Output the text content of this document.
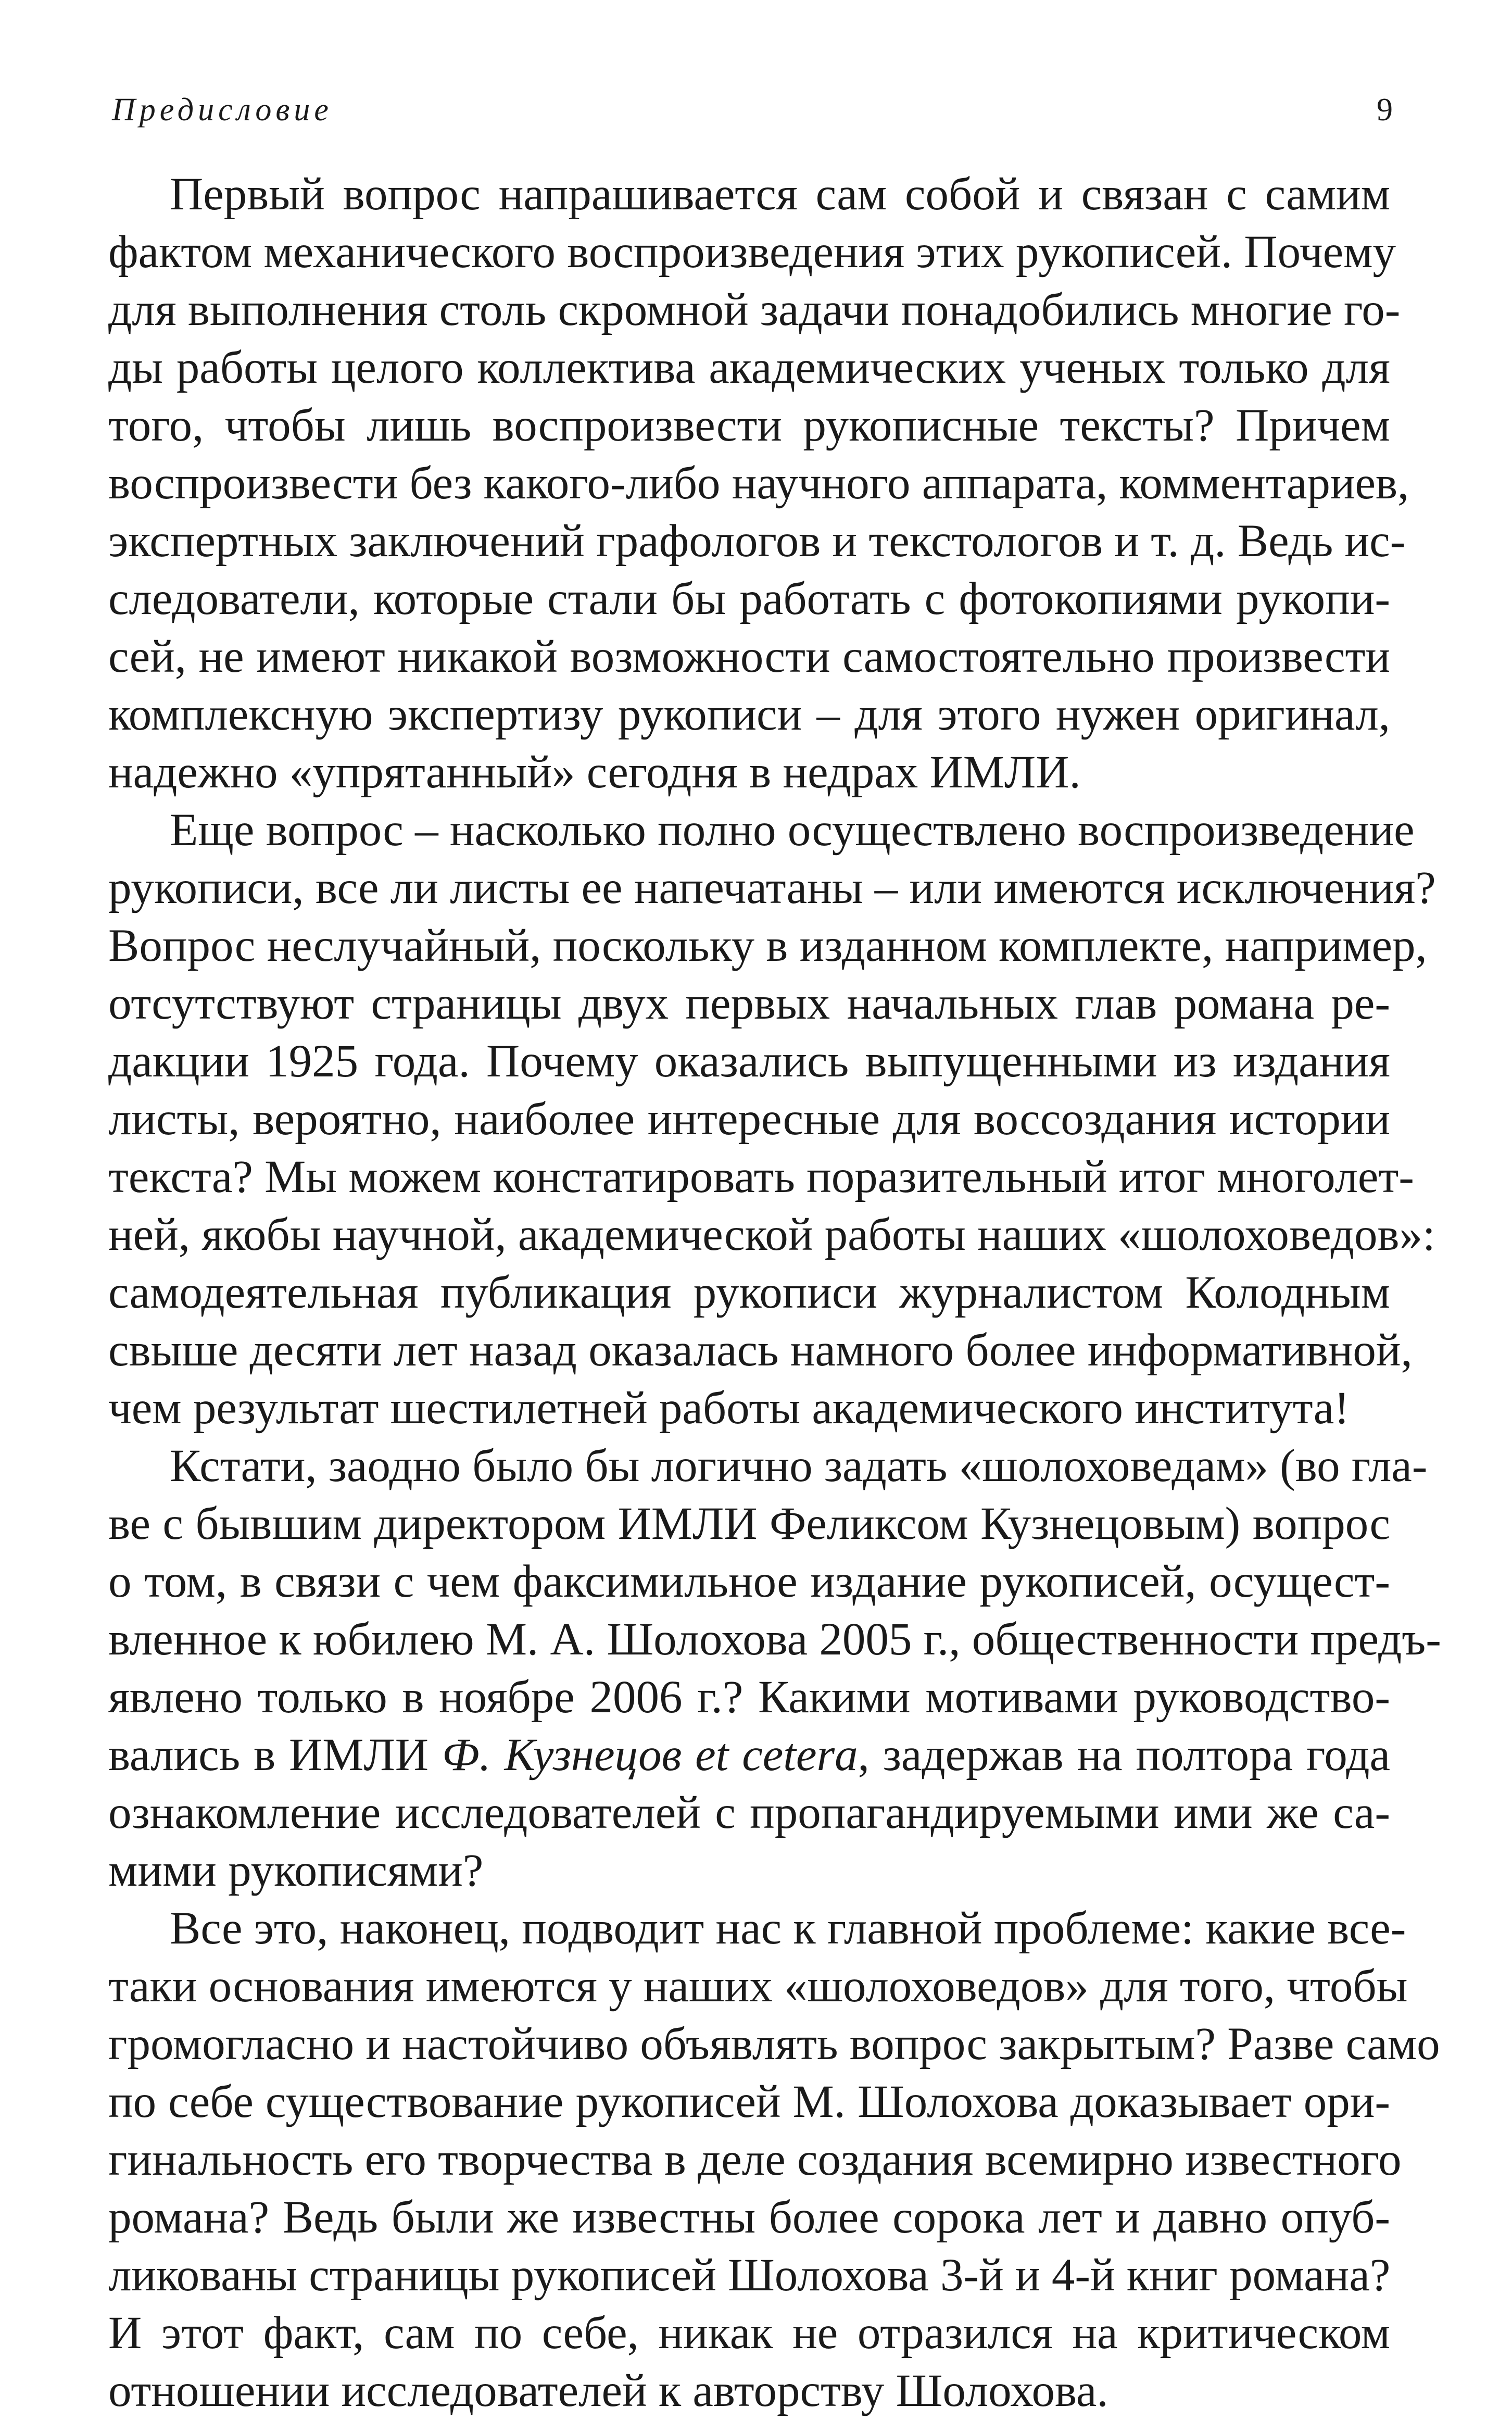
Предисловие	9
Первый вопрос напрашивается сам собой и связан с самим
фактом механического воспроизведения этих рукописей. Почему
для выполнения столь скромной задачи понадобились многие го-
ды работы целого коллектива академических ученых только для
того, чтобы лишь воспроизвести рукописные тексты? Причем
воспроизвести без какого-либо научного аппарата, комментариев,
экспертных заключений графологов и текстологов и т. д. Ведь ис-
следователи, которые стали бы работать с фотокопиями рукопи-
сей, не имеют никакой возможности самостоятельно произвести
комплексную экспертизу рукописи – для этого нужен оригинал,
надежно «упрятанный» сегодня в недрах ИМЛИ.
Еще вопрос – насколько полно осуществлено воспроизведение
рукописи, все ли листы ее напечатаны – или имеются исключения?
Вопрос неслучайный, поскольку в изданном комплекте, например,
отсутствуют страницы двух первых начальных глав романа ре-
дакции 1925 года. Почему оказались выпущенными из издания
листы, вероятно, наиболее интересные для воссоздания истории
текста? Мы можем констатировать поразительный итог многолет-
ней, якобы научной, академической работы наших «шолоховедов»:
самодеятельная публикация рукописи журналистом Колодным
свыше десяти лет назад оказалась намного более информативной,
чем результат шестилетней работы академического института!
Кстати, заодно было бы логично задать «шолоховедам» (во гла-
ве с бывшим директором ИМЛИ Феликсом Кузнецовым) вопрос
о том, в связи с чем факсимильное издание рукописей, осущест-
вленное к юбилею М. А. Шолохова 2005 г., общественности предъ-
явлено только в ноябре 2006 г.? Какими мотивами руководство-
вались в ИМЛИ Ф. Кузнецов et cetera, задержав на полтора года
ознакомление исследователей с пропагандируемыми ими же са-
мими рукописями?
Все это, наконец, подводит нас к главной проблеме: какие все-
таки основания имеются у наших «шолоховедов» для того, чтобы
громогласно и настойчиво объявлять вопрос закрытым? Разве само
по себе существование рукописей М. Шолохова доказывает ори-
гинальность его творчества в деле создания всемирно известного
романа? Ведь были же известны более сорока лет и давно опуб-
ликованы страницы рукописей Шолохова 3-й и 4-й книг романа?
И этот факт, сам по себе, никак не отразился на критическом
отношении исследователей к авторству Шолохова.
